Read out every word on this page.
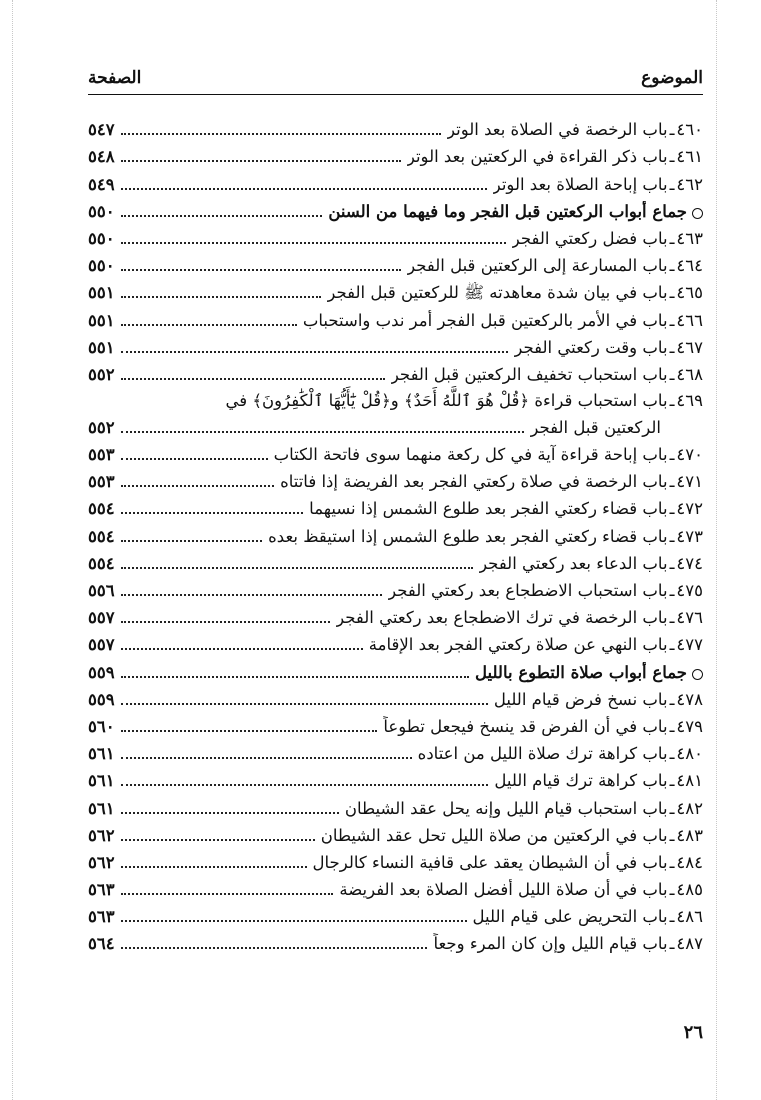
الموضوع
الصفحة
٤٦٠
ـ
باب الرخصة في الصلاة بعد الوتر
٥٤٧
٤٦١
ـ
باب ذكر القراءة في الركعتين بعد الوتر
٥٤٨
٤٦٢
ـ
باب إباحة الصلاة بعد الوتر
٥٤٩
جماع أبواب الركعتين قبل الفجر وما فيهما من السنن
٥٥٠
٤٦٣
ـ
باب فضل ركعتي الفجر
٥٥٠
٤٦٤
ـ
باب المسارعة إلى الركعتين قبل الفجر
٥٥٠
٤٦٥
ـ
باب في بيان شدة معاهدته ﷺ للركعتين قبل الفجر
٥٥١
٤٦٦
ـ
باب في الأمر بالركعتين قبل الفجر أمر ندب واستحباب
٥٥١
٤٦٧
ـ
باب وقت ركعتي الفجر
٥٥١
٤٦٨
ـ
باب استحباب تخفيف الركعتين قبل الفجر
٥٥٢
٤٦٩
ـ
باب استحباب قراءة ﴿قُلْ هُوَ ٱللَّهُ أَحَدٌ﴾ و﴿قُلْ يَٰٓأَيُّهَا ٱلْكَٰفِرُونَ﴾ في
الركعتين قبل الفجر
٥٥٢
٤٧٠
ـ
باب إباحة قراءة آية في كل ركعة منهما سوى فاتحة الكتاب
٥٥٣
٤٧١
ـ
باب الرخصة في صلاة ركعتي الفجر بعد الفريضة إذا فاتتاه
٥٥٣
٤٧٢
ـ
باب قضاء ركعتي الفجر بعد طلوع الشمس إذا نسيهما
٥٥٤
٤٧٣
ـ
باب قضاء ركعتي الفجر بعد طلوع الشمس إذا استيقظ بعده
٥٥٤
٤٧٤
ـ
باب الدعاء بعد ركعتي الفجر
٥٥٤
٤٧٥
ـ
باب استحباب الاضطجاع بعد ركعتي الفجر
٥٥٦
٤٧٦
ـ
باب الرخصة في ترك الاضطجاع بعد ركعتي الفجر
٥٥٧
٤٧٧
ـ
باب النهي عن صلاة ركعتي الفجر بعد الإقامة
٥٥٧
جماع أبواب صلاة التطوع بالليل
٥٥٩
٤٧٨
ـ
باب نسخ فرض قيام الليل
٥٥٩
٤٧٩
ـ
باب في أن الفرض قد ينسخ فيجعل تطوعاً
٥٦٠
٤٨٠
ـ
باب كراهة ترك صلاة الليل من اعتاده
٥٦١
٤٨١
ـ
باب كراهة ترك قيام الليل
٥٦١
٤٨٢
ـ
باب استحباب قيام الليل وإنه يحل عقد الشيطان
٥٦١
٤٨٣
ـ
باب في الركعتين من صلاة الليل تحل عقد الشيطان
٥٦٢
٤٨٤
ـ
باب في أن الشيطان يعقد على قافية النساء كالرجال
٥٦٢
٤٨٥
ـ
باب في أن صلاة الليل أفضل الصلاة بعد الفريضة
٥٦٣
٤٨٦
ـ
باب التحريض على قيام الليل
٥٦٣
٤٨٧
ـ
باب قيام الليل وإن كان المرء وجعاً
٥٦٤
٢٦
